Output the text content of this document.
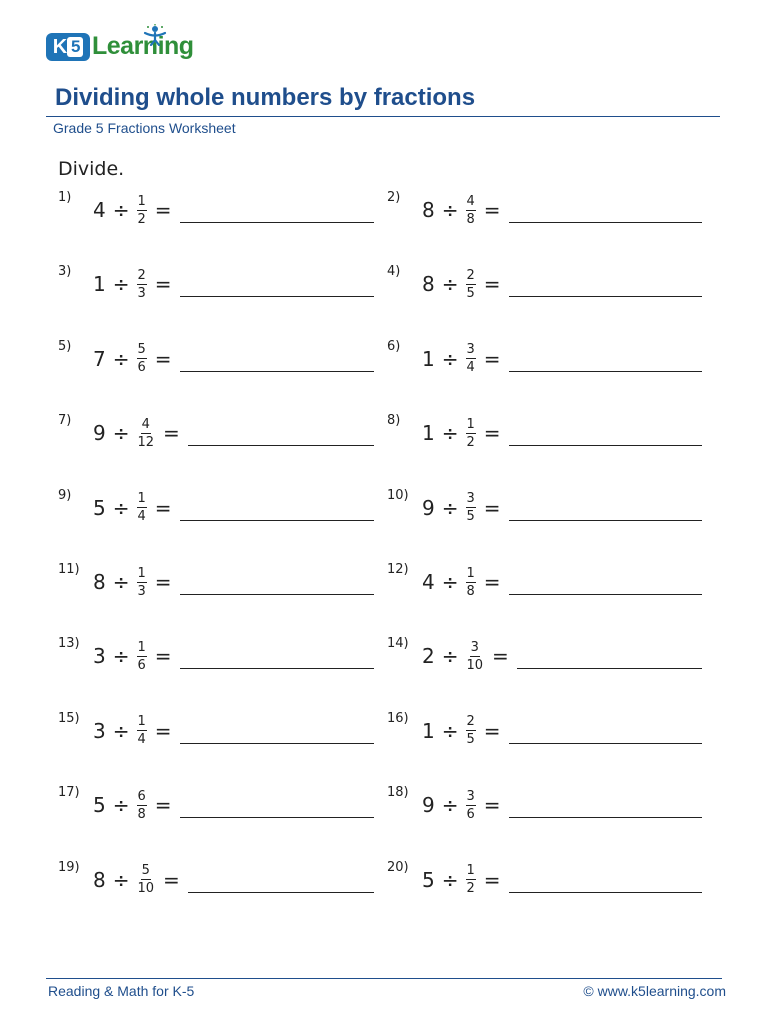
K 5 Learning
Dividing whole numbers by fractions
Grade 5 Fractions Worksheet
Divide.
1)
$4 \div \frac{1}{2}$ =
2)
$8 \div \frac{4}{8}$ =
3)
$1 \div \frac{2}{3}$ =
4)
$8 \div \frac{2}{5}$ =
5)
$7 \div \frac{5}{6}$ =
6)
$1 \div \frac{3}{4}$ =
7)
$9 \div \frac{4}{12}$ =
8)
$1 \div \frac{1}{2}$ =
9)
$5 \div \frac{1}{4}$ =
10)
$9 \div \frac{3}{5}$ =
11)
$8 \div \frac{1}{3}$ =
12)
$4 \div \frac{1}{8}$ =
13)
$3 \div \frac{1}{6}$ =
14)
$2 \div \frac{3}{10}$ =
15)
$3 \div \frac{1}{4}$ =
16)
$1 \div \frac{2}{5}$ =
17)
$5 \div \frac{6}{8}$ =
18)
$9 \div \frac{3}{6}$ =
19)
$8 \div \frac{5}{10}$ =
20)
$5 \div \frac{1}{2}$ =
Reading & Math for K-5	© www.k5learning.com
